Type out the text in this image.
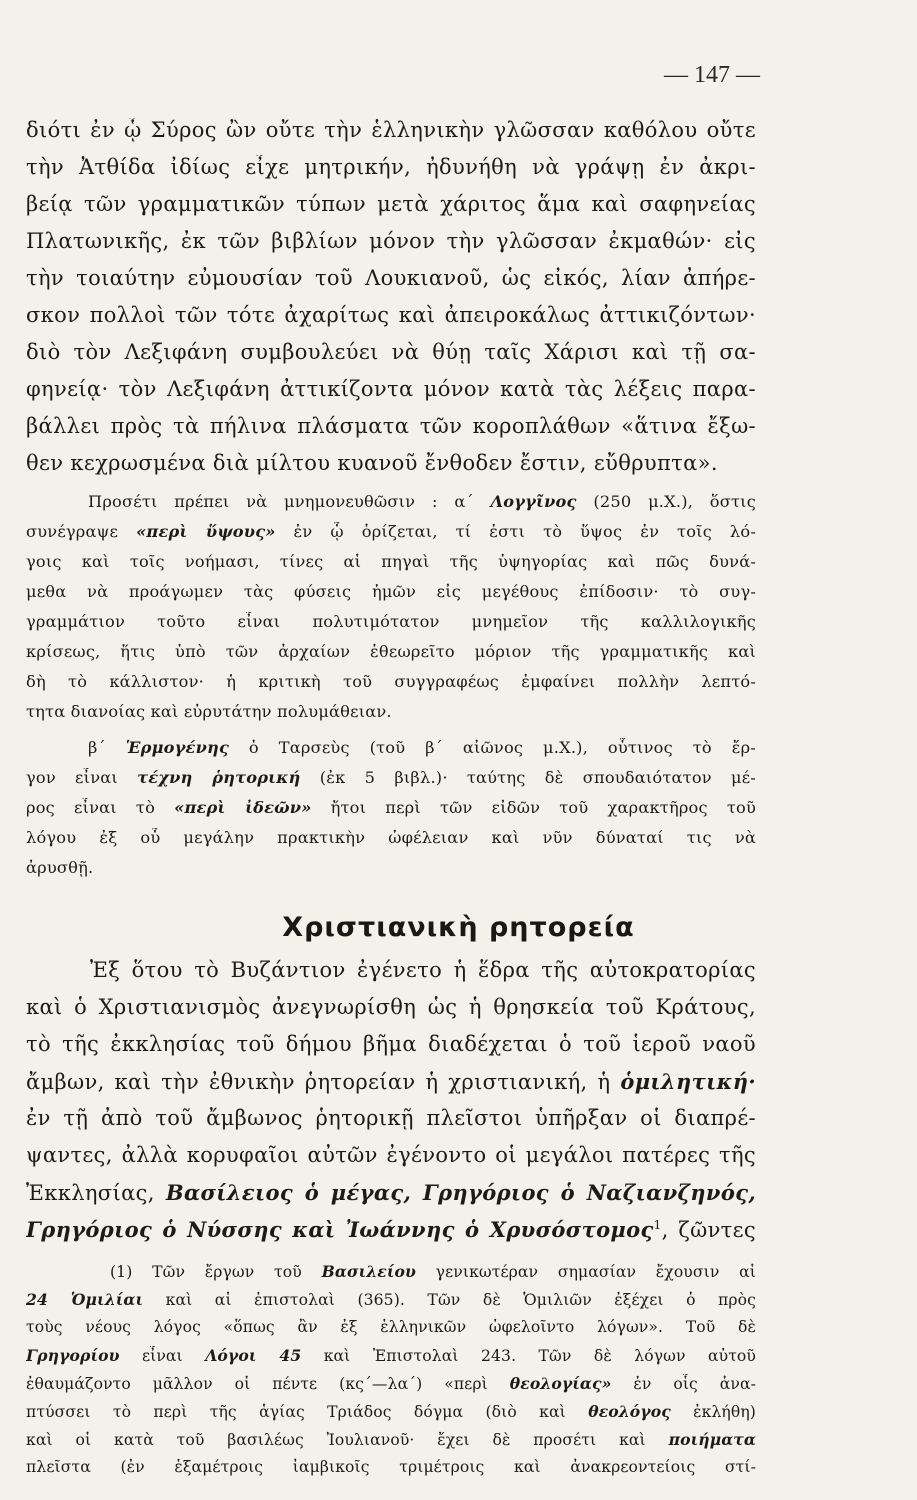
— 147 —
διότι ἐν ᾧ Σύρος ὢν οὔτε τὴν ἑλληνικὴν γλῶσσαν καθόλου οὔτε
τὴν Ἀτθίδα ἰδίως εἶχε μητρικήν, ἠδυνήθη νὰ γράψῃ ἐν ἀκρι-
βείᾳ τῶν γραμματικῶν τύπων μετὰ χάριτος ἅμα καὶ σαφηνείας
Πλατωνικῆς, ἐκ τῶν βιβλίων μόνον τὴν γλῶσσαν ἐκμαθών· εἰς
τὴν τοιαύτην εὐμουσίαν τοῦ Λουκιανοῦ, ὡς εἰκός, λίαν ἀπήρε-
σκον πολλοὶ τῶν τότε ἀχαρίτως καὶ ἀπειροκάλως ἀττικιζόντων·
διὸ τὸν Λεξιφάνη συμβουλεύει νὰ θύῃ ταῖς Χάρισι καὶ τῇ σα-
φηνείᾳ· τὸν Λεξιφάνη ἀττικίζοντα μόνον κατὰ τὰς λέξεις παρα-
βάλλει πρὸς τὰ πήλινα πλάσματα τῶν κοροπλάθων «ἅτινα ἔξω-
θεν κεχρωσμένα διὰ μίλτου κυανοῦ ἔνθοδεν ἔστιν, εὔθρυπτα».
Προσέτι πρέπει νὰ μνημονευθῶσιν : α΄ Λογγῖνος (250 μ.Χ.), ὅστις
συνέγραψε «περὶ ὕψους» ἐν ᾧ ὁρίζεται, τί ἐστι τὸ ὕψος ἐν τοῖς λό-
γοις καὶ τοῖς νοήμασι, τίνες αἱ πηγαὶ τῆς ὑψηγορίας καὶ πῶς δυνά-
μεθα νὰ προάγωμεν τὰς φύσεις ἡμῶν εἰς μεγέθους ἐπίδοσιν· τὸ συγ-
γραμμάτιον τοῦτο εἶναι πολυτιμότατον μνημεῖον τῆς καλλιλογικῆς
κρίσεως, ἥτις ὑπὸ τῶν ἀρχαίων ἐθεωρεῖτο μόριον τῆς γραμματικῆς καὶ
δὴ τὸ κάλλιστον· ἡ κριτικὴ τοῦ συγγραφέως ἐμφαίνει πολλὴν λεπτό-
τητα διανοίας καὶ εὐρυτάτην πολυμάθειαν.
β΄ Ἑρμογένης ὁ Ταρσεὺς (τοῦ β΄ αἰῶνος μ.Χ.), οὗτινος τὸ ἔρ-
γον εἶναι τέχνη ῥητορική (ἐκ 5 βιβλ.)· ταύτης δὲ σπουδαιότατον μέ-
ρος εἶναι τὸ «περὶ ἰδεῶν» ἤτοι περὶ τῶν εἰδῶν τοῦ χαρακτῆρος τοῦ
λόγου ἐξ οὗ μεγάλην πρακτικὴν ὠφέλειαν καὶ νῦν δύναταί τις νὰ
ἀρυσθῇ.
Χριστιανικὴ ρητορεία
Ἐξ ὅτου τὸ Βυζάντιον ἐγένετο ἡ ἕδρα τῆς αὐτοκρατορίας
καὶ ὁ Χριστιανισμὸς ἀνεγνωρίσθη ὡς ἡ θρησκεία τοῦ Κράτους,
τὸ τῆς ἐκκλησίας τοῦ δήμου βῆμα διαδέχεται ὁ τοῦ ἱεροῦ ναοῦ
ἄμβων, καὶ τὴν ἐθνικὴν ῥητορείαν ἡ χριστιανική, ἡ ὁμιλητική·
ἐν τῇ ἀπὸ τοῦ ἄμβωνος ῥητορικῇ πλεῖστοι ὑπῆρξαν οἱ διαπρέ-
ψαντες, ἀλλὰ κορυφαῖοι αὐτῶν ἐγένοντο οἱ μεγάλοι πατέρες τῆς
Ἐκκλησίας, Βασίλειος ὁ μέγας, Γρηγόριος ὁ Ναζιανζηνός,
Γρηγόριος ὁ Νύσσης καὶ Ἰωάννης ὁ Χρυσόστομος$^1$, ζῶντες
(1) Τῶν ἔργων τοῦ Βασιλείου γενικωτέραν σημασίαν ἔχουσιν αἱ
24 Ὁμιλίαι καὶ αἱ ἐπιστολαὶ (365). Τῶν δὲ Ὁμιλιῶν ἐξέχει ὁ πρὸς
τοὺς νέους λόγος «ὅπως ἂν ἐξ ἑλληνικῶν ὠφελοῖντο λόγων». Τοῦ δὲ
Γρηγορίου εἶναι Λόγοι 45 καὶ Ἐπιστολαὶ 243. Τῶν δὲ λόγων αὐτοῦ
ἐθαυμάζοντο μᾶλλον οἱ πέντε (κς΄—λα΄) «περὶ θεολογίας» ἐν οἷς ἀνα-
πτύσσει τὸ περὶ τῆς ἁγίας Τριάδος δόγμα (διὸ καὶ θεολόγος ἐκλήθη)
καὶ οἱ κατὰ τοῦ βασιλέως Ἰουλιανοῦ· ἔχει δὲ προσέτι καὶ ποιήματα
πλεῖστα (ἐν ἑξαμέτροις ἰαμβικοῖς τριμέτροις καὶ ἀνακρεοντείοις στί-
